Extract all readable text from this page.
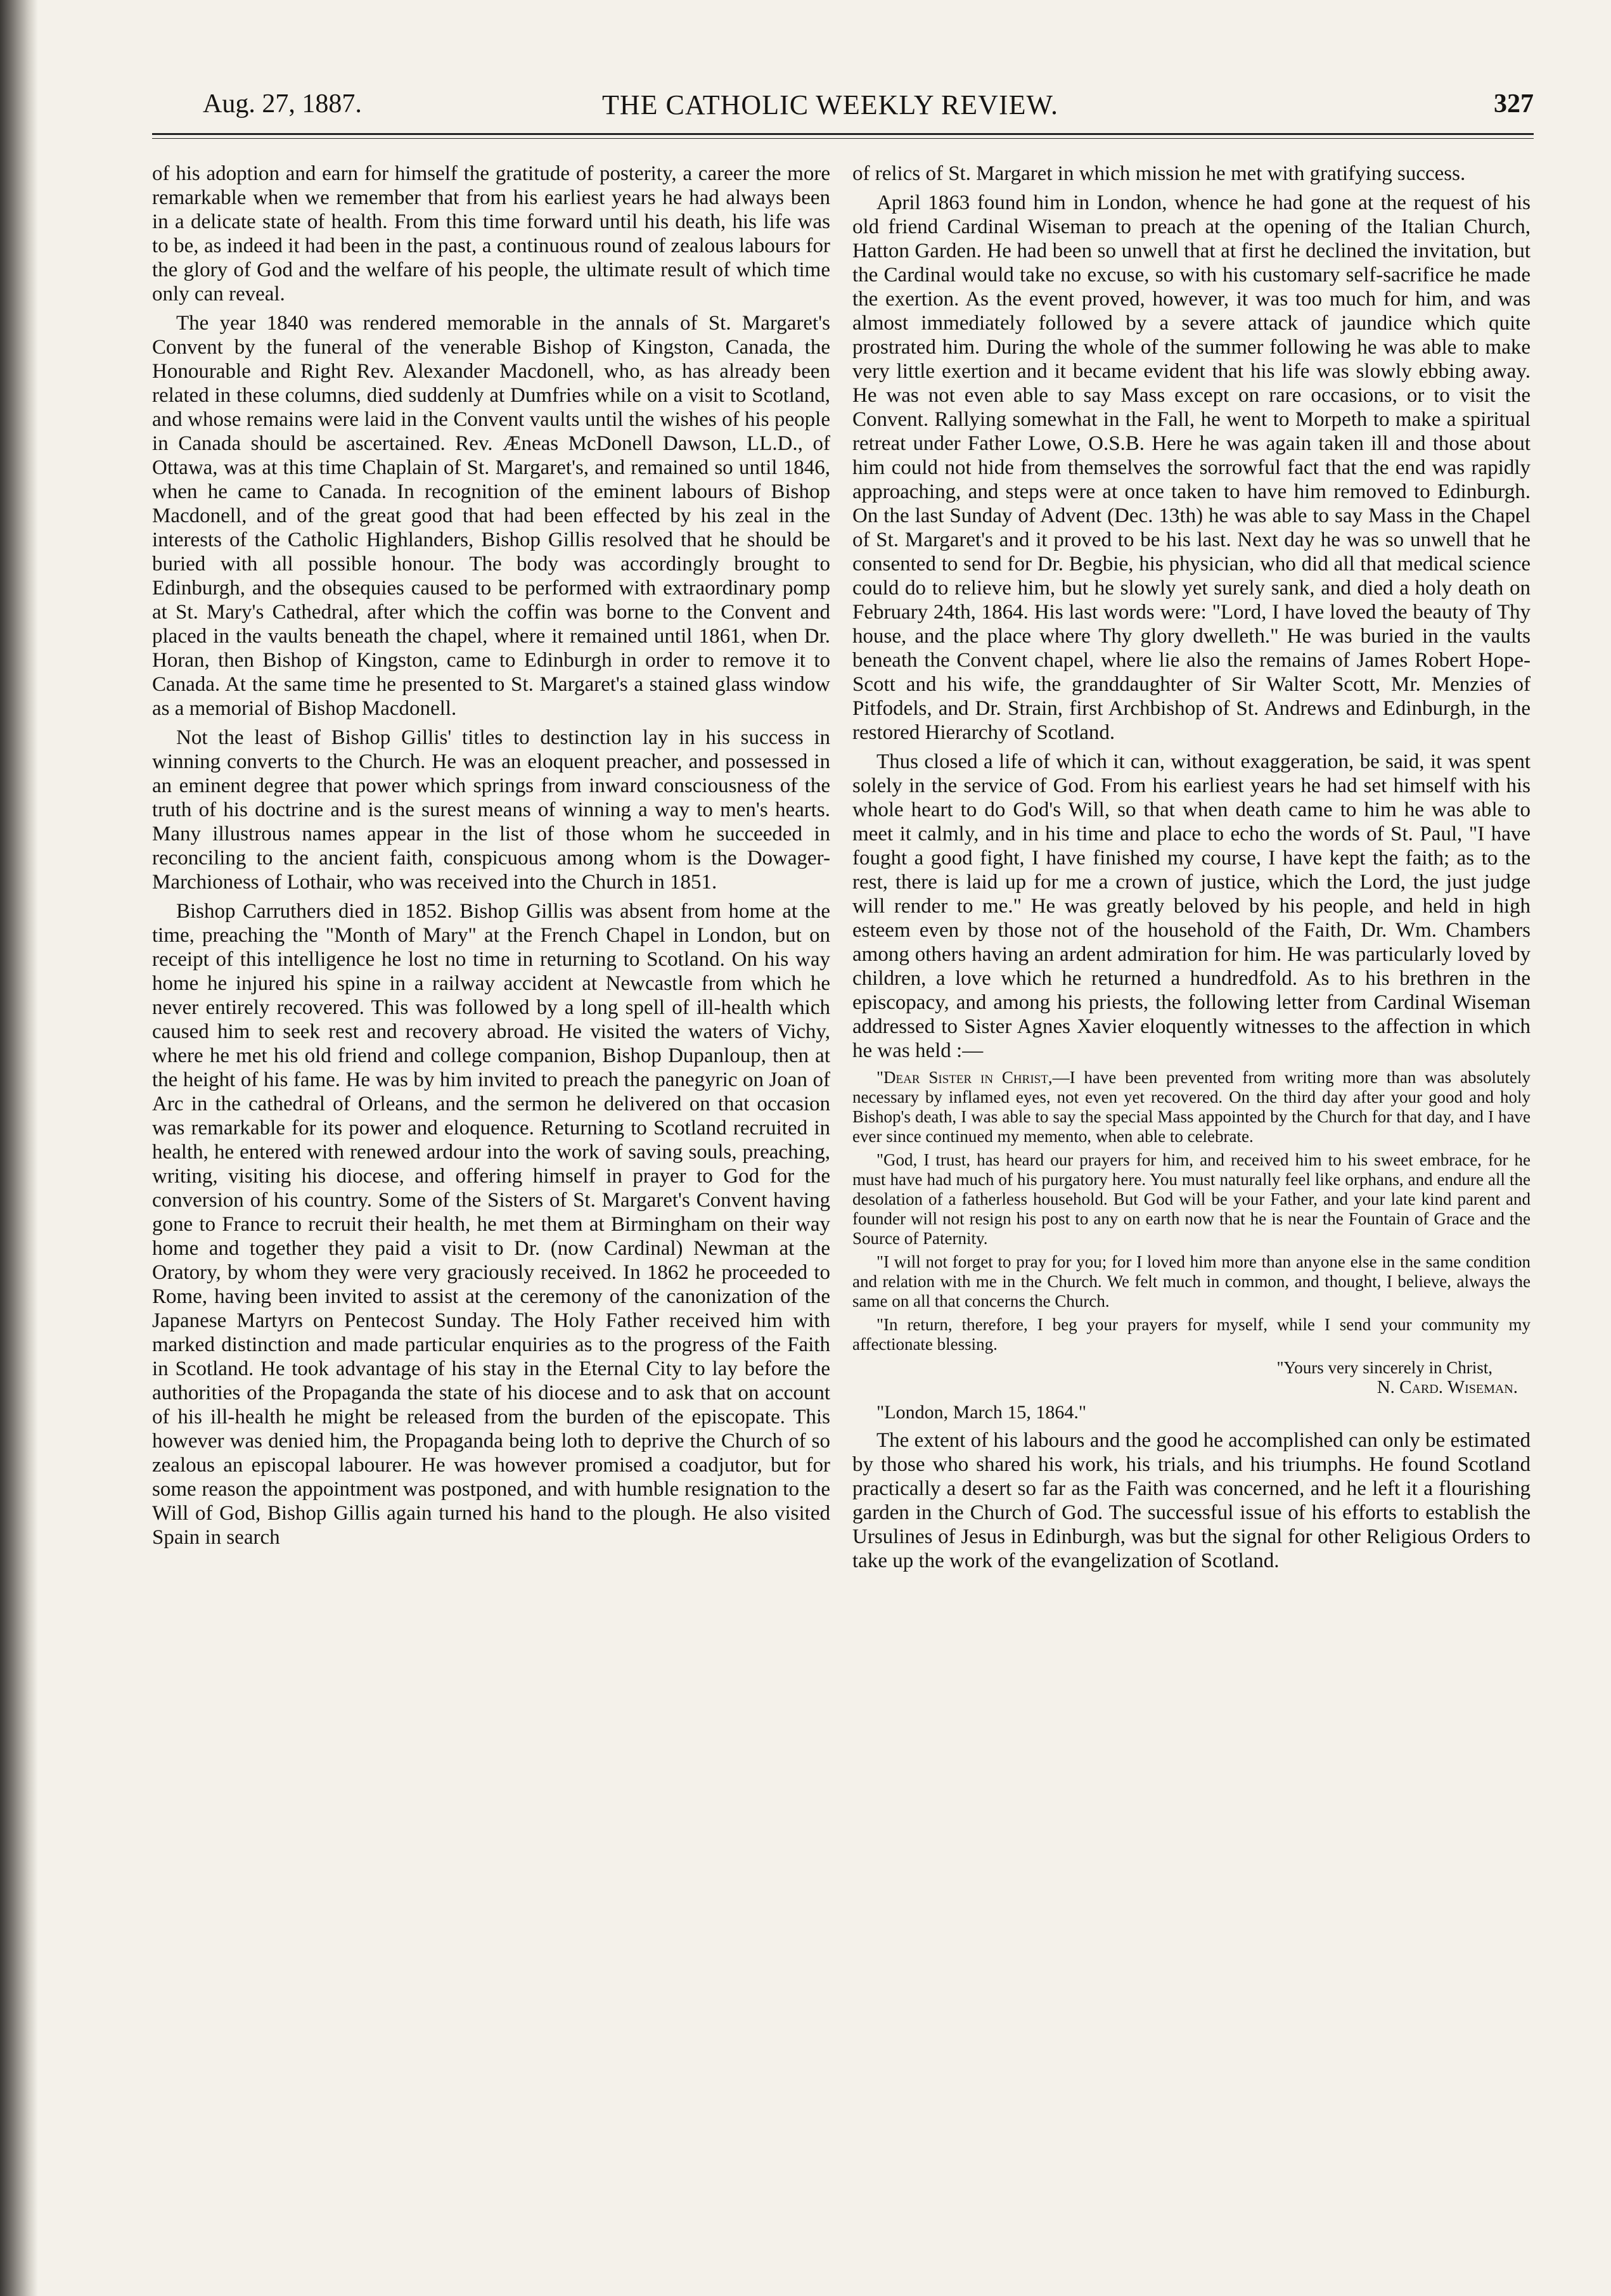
Aug. 27, 1887.	THE CATHOLIC WEEKLY REVIEW.	327

of his adoption and earn for himself the gratitude of posterity, a career the more remarkable when we remember that from his earliest years he had always been in a delicate state of health. From this time forward until his death, his life was to be, as indeed it had been in the past, a continuous round of zealous labours for the glory of God and the welfare of his people, the ultimate result of which time only can reveal.

The year 1840 was rendered memorable in the annals of St. Margaret's Convent by the funeral of the venerable Bishop of Kingston, Canada, the Honourable and Right Rev. Alexander Macdonell, who, as has already been related in these columns, died suddenly at Dumfries while on a visit to Scotland, and whose remains were laid in the Convent vaults until the wishes of his people in Canada should be ascertained. Rev. Æneas McDonell Dawson, LL.D., of Ottawa, was at this time Chaplain of St. Margaret's, and remained so until 1846, when he came to Canada. In recognition of the eminent labours of Bishop Macdonell, and of the great good that had been effected by his zeal in the interests of the Catholic Highlanders, Bishop Gillis resolved that he should be buried with all possible honour. The body was accordingly brought to Edinburgh, and the obsequies caused to be performed with extraordinary pomp at St. Mary's Cathedral, after which the coffin was borne to the Convent and placed in the vaults beneath the chapel, where it remained until 1861, when Dr. Horan, then Bishop of Kingston, came to Edinburgh in order to remove it to Canada. At the same time he presented to St. Margaret's a stained glass window as a memorial of Bishop Macdonell.

Not the least of Bishop Gillis' titles to destinction lay in his success in winning converts to the Church. He was an eloquent preacher, and possessed in an eminent degree that power which springs from inward consciousness of the truth of his doctrine and is the surest means of winning a way to men's hearts. Many illustrous names appear in the list of those whom he succeeded in reconciling to the ancient faith, conspicuous among whom is the Dowager-Marchioness of Lothair, who was received into the Church in 1851.

Bishop Carruthers died in 1852. Bishop Gillis was absent from home at the time, preaching the "Month of Mary" at the French Chapel in London, but on receipt of this intelligence he lost no time in returning to Scotland. On his way home he injured his spine in a railway accident at Newcastle from which he never entirely recovered. This was followed by a long spell of ill-health which caused him to seek rest and recovery abroad. He visited the waters of Vichy, where he met his old friend and college companion, Bishop Dupanloup, then at the height of his fame. He was by him invited to preach the panegyric on Joan of Arc in the cathedral of Orleans, and the sermon he delivered on that occasion was remarkable for its power and eloquence. Returning to Scotland recruited in health, he entered with renewed ardour into the work of saving souls, preaching, writing, visiting his diocese, and offering himself in prayer to God for the conversion of his country. Some of the Sisters of St. Margaret's Convent having gone to France to recruit their health, he met them at Birmingham on their way home and together they paid a visit to Dr. (now Cardinal) Newman at the Oratory, by whom they were very graciously received. In 1862 he proceeded to Rome, having been invited to assist at the ceremony of the canonization of the Japanese Martyrs on Pentecost Sunday. The Holy Father received him with marked distinction and made particular enquiries as to the progress of the Faith in Scotland. He took advantage of his stay in the Eternal City to lay before the authorities of the Propaganda the state of his diocese and to ask that on account of his ill-health he might be released from the burden of the episcopate. This however was denied him, the Propaganda being loth to deprive the Church of so zealous an episcopal labourer. He was however promised a coadjutor, but for some reason the appointment was postponed, and with humble resignation to the Will of God, Bishop Gillis again turned his hand to the plough. He also visited Spain in search

of relics of St. Margaret in which mission he met with gratifying success.

April 1863 found him in London, whence he had gone at the request of his old friend Cardinal Wiseman to preach at the opening of the Italian Church, Hatton Garden. He had been so unwell that at first he declined the invitation, but the Cardinal would take no excuse, so with his customary self-sacrifice he made the exertion. As the event proved, however, it was too much for him, and was almost immediately followed by a severe attack of jaundice which quite prostrated him. During the whole of the summer following he was able to make very little exertion and it became evident that his life was slowly ebbing away. He was not even able to say Mass except on rare occasions, or to visit the Convent. Rallying somewhat in the Fall, he went to Morpeth to make a spiritual retreat under Father Lowe, O.S.B. Here he was again taken ill and those about him could not hide from themselves the sorrowful fact that the end was rapidly approaching, and steps were at once taken to have him removed to Edinburgh. On the last Sunday of Advent (Dec. 13th) he was able to say Mass in the Chapel of St. Margaret's and it proved to be his last. Next day he was so unwell that he consented to send for Dr. Begbie, his physician, who did all that medical science could do to relieve him, but he slowly yet surely sank, and died a holy death on February 24th, 1864. His last words were: "Lord, I have loved the beauty of Thy house, and the place where Thy glory dwelleth." He was buried in the vaults beneath the Convent chapel, where lie also the remains of James Robert Hope-Scott and his wife, the granddaughter of Sir Walter Scott, Mr. Menzies of Pitfodels, and Dr. Strain, first Archbishop of St. Andrews and Edinburgh, in the restored Hierarchy of Scotland.

Thus closed a life of which it can, without exaggeration, be said, it was spent solely in the service of God. From his earliest years he had set himself with his whole heart to do God's Will, so that when death came to him he was able to meet it calmly, and in his time and place to echo the words of St. Paul, "I have fought a good fight, I have finished my course, I have kept the faith; as to the rest, there is laid up for me a crown of justice, which the Lord, the just judge will render to me." He was greatly beloved by his people, and held in high esteem even by those not of the household of the Faith, Dr. Wm. Chambers among others having an ardent admiration for him. He was particularly loved by children, a love which he returned a hundredfold. As to his brethren in the episcopacy, and among his priests, the following letter from Cardinal Wiseman addressed to Sister Agnes Xavier eloquently witnesses to the affection in which he was held :—

"Dear Sister in Christ,—I have been prevented from writing more than was absolutely necessary by inflamed eyes, not even yet recovered. On the third day after your good and holy Bishop's death, I was able to say the special Mass appointed by the Church for that day, and I have ever since continued my memento, when able to celebrate.

"God, I trust, has heard our prayers for him, and received him to his sweet embrace, for he must have had much of his purgatory here. You must naturally feel like orphans, and endure all the desolation of a fatherless household. But God will be your Father, and your late kind parent and founder will not resign his post to any on earth now that he is near the Fountain of Grace and the Source of Paternity.

"I will not forget to pray for you; for I loved him more than anyone else in the same condition and relation with me in the Church. We felt much in common, and thought, I believe, always the same on all that concerns the Church.

"In return, therefore, I beg your prayers for myself, while I send your community my affectionate blessing.

"Yours very sincerely in Christ,

N. Card. Wiseman.

"London, March 15, 1864."

The extent of his labours and the good he accomplished can only be estimated by those who shared his work, his trials, and his triumphs. He found Scotland practically a desert so far as the Faith was concerned, and he left it a flourishing garden in the Church of God. The successful issue of his efforts to establish the Ursulines of Jesus in Edinburgh, was but the signal for other Religious Orders to take up the work of the evangelization of Scotland.
